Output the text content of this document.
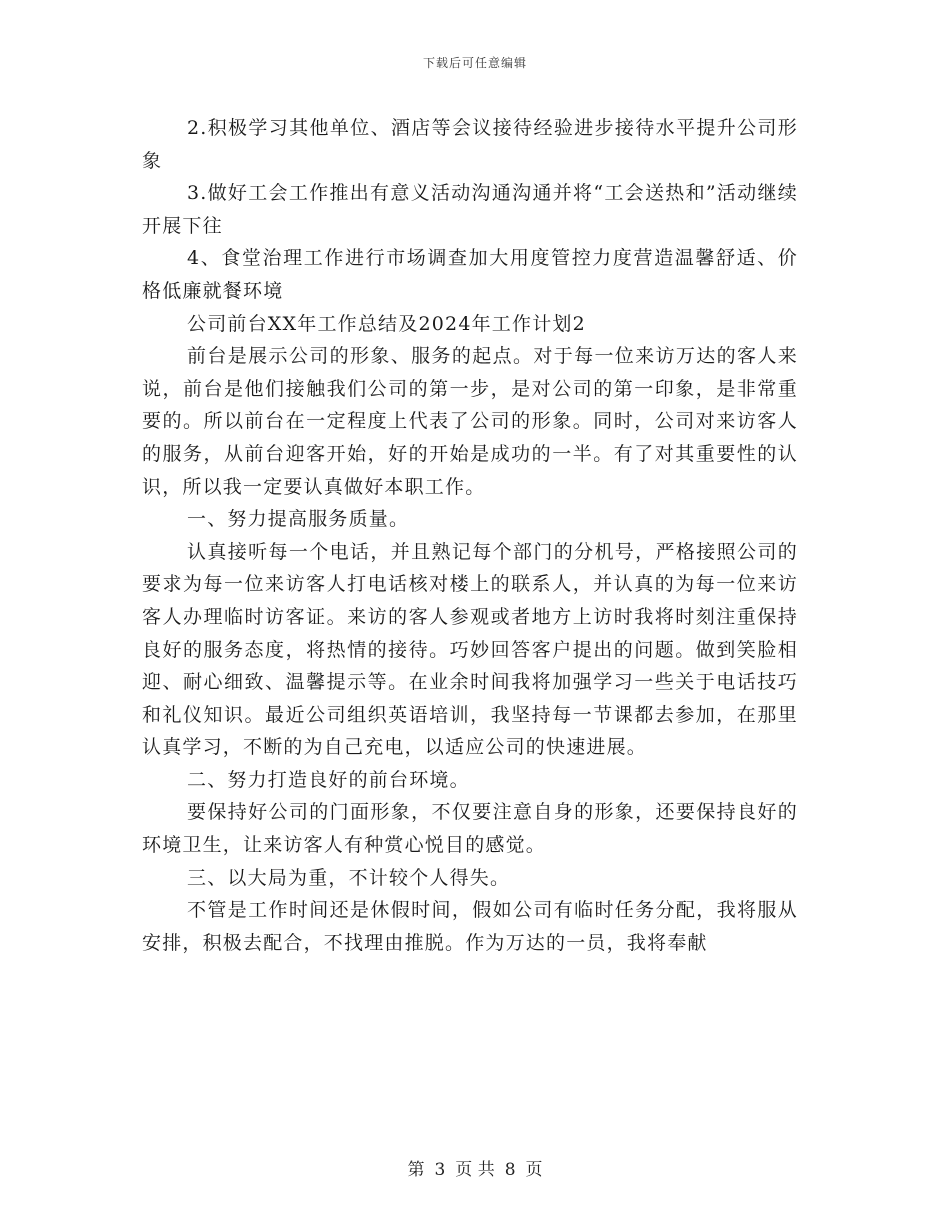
下载后可任意编辑

2.积极学习其他单位、酒店等会议接待经验进步接待水平提升公司形象

3.做好工会工作推出有意义活动沟通沟通并将“工会送热和”活动继续开展下往

4、食堂治理工作进行市场调查加大用度管控力度营造温馨舒适、价格低廉就餐环境

公司前台XX年工作总结及2024年工作计划2

前台是展示公司的形象、服务的起点。对于每一位来访万达的客人来说，前台是他们接触我们公司的第一步，是对公司的第一印象，是非常重要的。所以前台在一定程度上代表了公司的形象。同时，公司对来访客人的服务，从前台迎客开始，好的开始是成功的一半。有了对其重要性的认识，所以我一定要认真做好本职工作。

一、努力提高服务质量。

认真接听每一个电话，并且熟记每个部门的分机号，严格接照公司的要求为每一位来访客人打电话核对楼上的联系人，并认真的为每一位来访客人办理临时访客证。来访的客人参观或者地方上访时我将时刻注重保持良好的服务态度，将热情的接待。巧妙回答客户提出的问题。做到笑脸相迎、耐心细致、温馨提示等。在业余时间我将加强学习一些关于电话技巧和礼仪知识。最近公司组织英语培训，我坚持每一节课都去参加，在那里认真学习，不断的为自己充电，以适应公司的快速进展。

二、努力打造良好的前台环境。

要保持好公司的门面形象，不仅要注意自身的形象，还要保持良好的环境卫生，让来访客人有种赏心悦目的感觉。

三、以大局为重，不计较个人得失。

不管是工作时间还是休假时间，假如公司有临时任务分配，我将服从安排，积极去配合，不找理由推脱。作为万达的一员，我将奉献

第 3 页 共 8 页
